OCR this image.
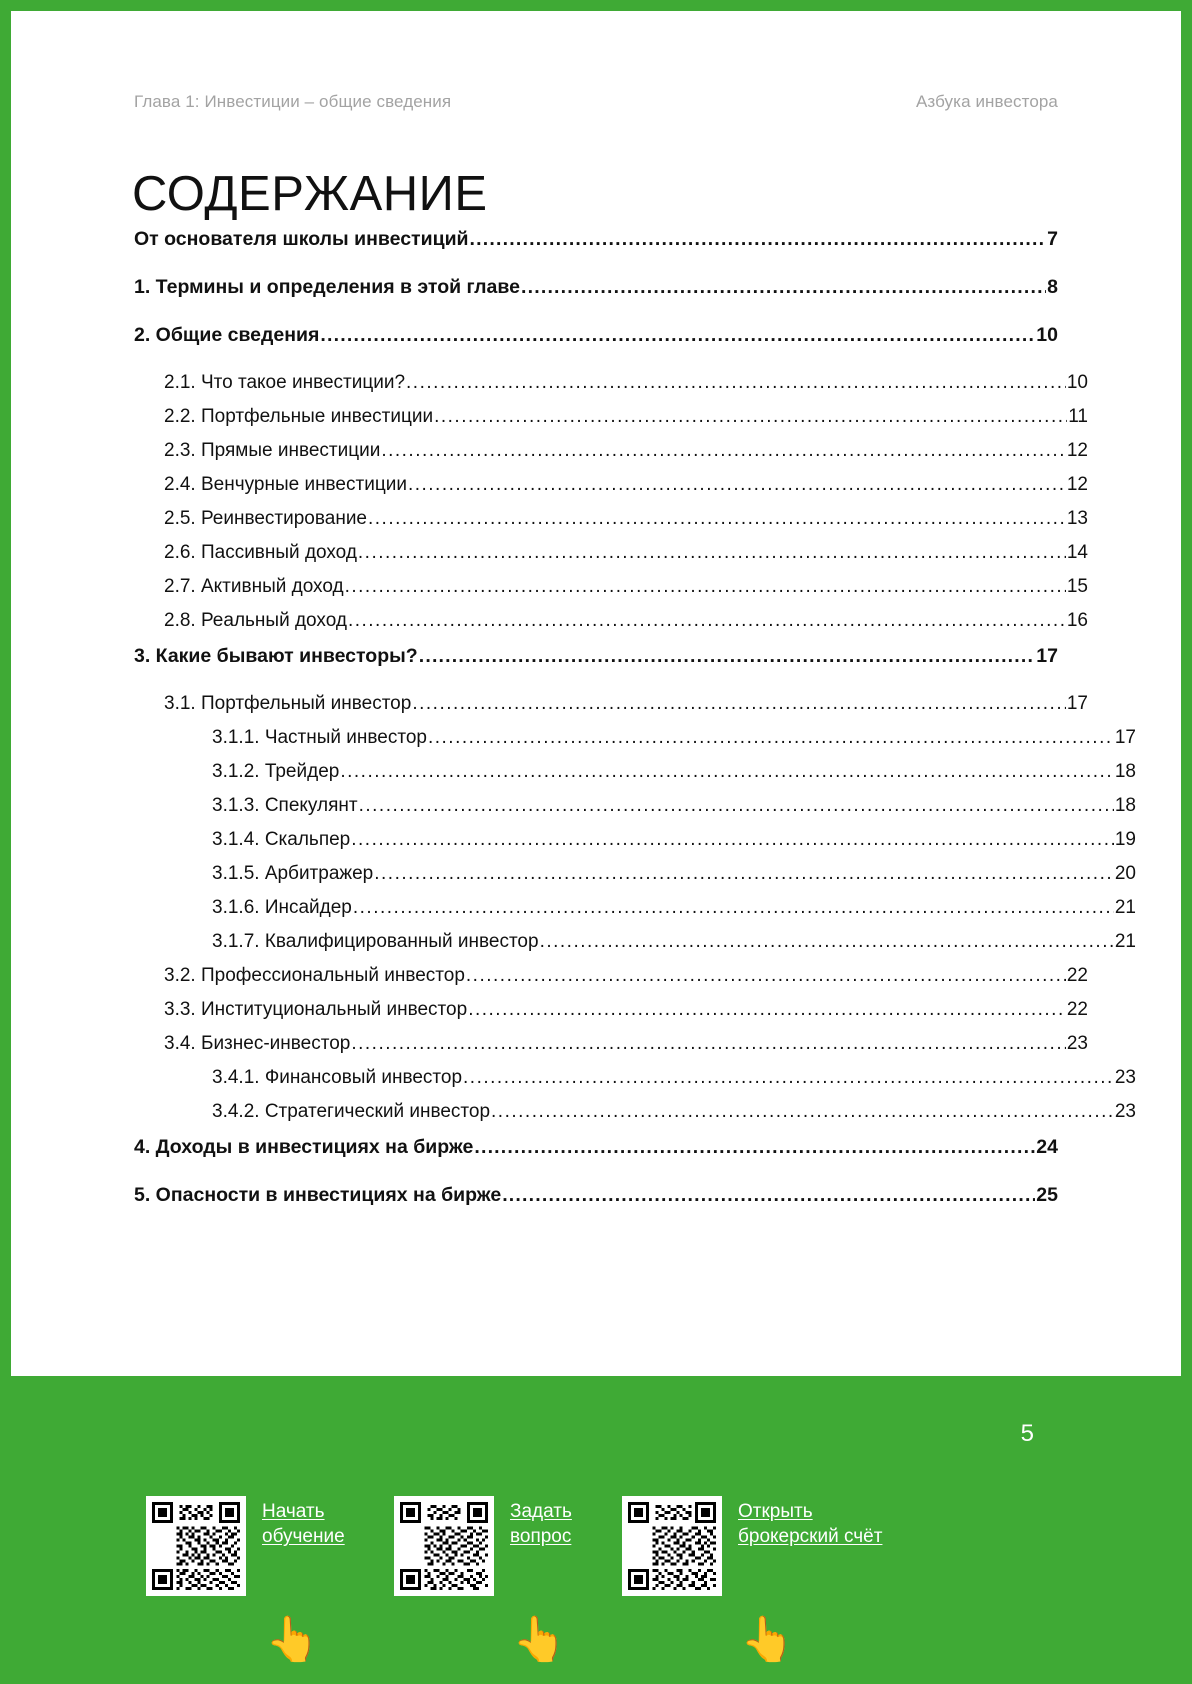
Глава 1: Инвестиции – общие сведения	Азбука инвестора
СОДЕРЖАНИЕ
От основателя школы инвестиций .....	7
1. Термины и определения в этой главе .....	8
2. Общие сведения .....	10
2.1. Что такое инвестиции? .....	10
2.2. Портфельные инвестиции .....	11
2.3. Прямые инвестиции .....	12
2.4. Венчурные инвестиции .....	12
2.5. Реинвестирование .....	13
2.6. Пассивный доход .....	14
2.7. Активный доход .....	15
2.8. Реальный доход .....	16
3. Какие бывают инвесторы? .....	17
3.1. Портфельный инвестор .....	17
3.1.1. Частный инвестор .....	17
3.1.2. Трейдер .....	18
3.1.3. Спекулянт .....	18
3.1.4. Скальпер .....	19
3.1.5. Арбитражер .....	20
3.1.6. Инсайдер .....	21
3.1.7. Квалифицированный инвестор .....	21
3.2. Профессиональный инвестор .....	22
3.3. Институциональный инвестор .....	22
3.4. Бизнес-инвестор .....	23
3.4.1. Финансовый инвестор .....	23
3.4.2. Стратегический инвестор .....	23
4. Доходы в инвестициях на бирже .....	24
5. Опасности в инвестициях на бирже .....	25
Начать
обучение
Задать
вопрос
Открыть
брокерский счёт
👆	👆	👆
5
